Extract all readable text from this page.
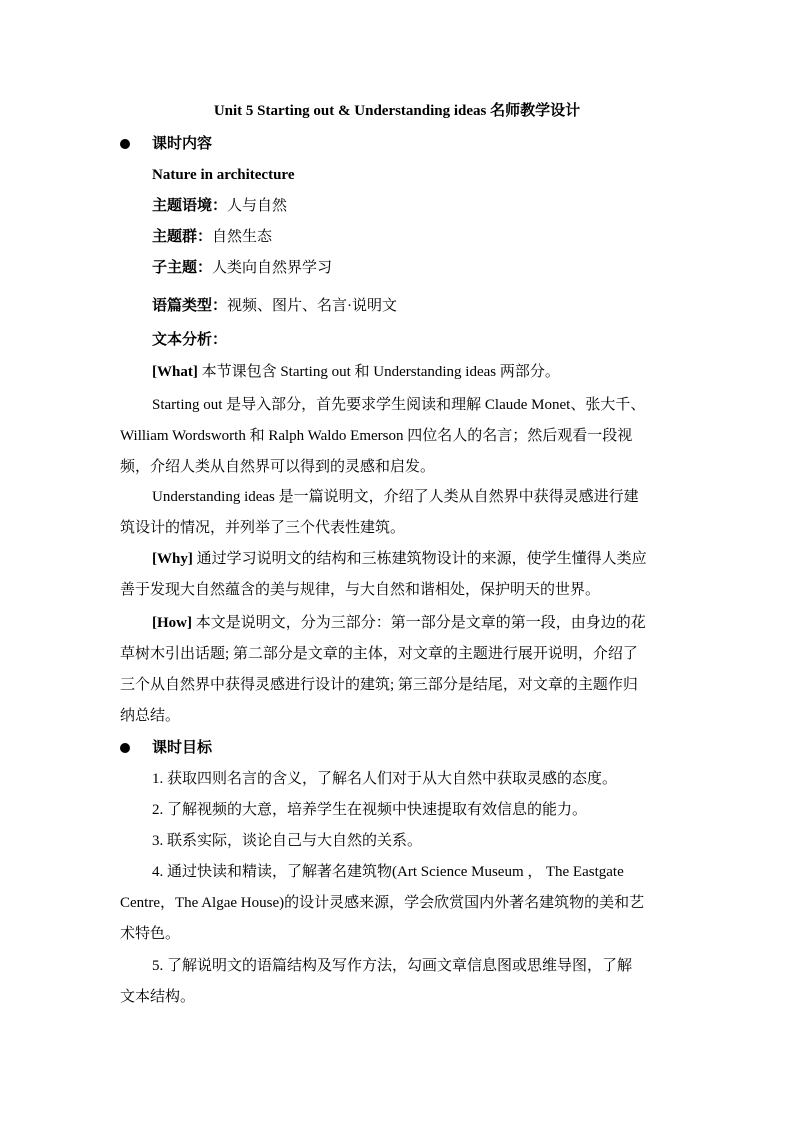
Unit 5 Starting out & Understanding ideas 名师教学设计
课时内容
Nature in architecture
主题语境：人与自然
主题群：自然生态
子主题：人类向自然界学习
语篇类型：视频、图片、名言·说明文
文本分析：
[What] 本节课包含 Starting out 和 Understanding ideas 两部分。
Starting out 是导入部分，首先要求学生阅读和理解 Claude Monet、张大千、
William Wordsworth 和 Ralph Waldo Emerson 四位名人的名言；然后观看一段视
频，介绍人类从自然界可以得到的灵感和启发。
Understanding ideas 是一篇说明文，介绍了人类从自然界中获得灵感进行建
筑设计的情况，并列举了三个代表性建筑。
[Why] 通过学习说明文的结构和三栋建筑物设计的来源，使学生懂得人类应
善于发现大自然蕴含的美与规律，与大自然和谐相处，保护明天的世界。
[How] 本文是说明文，分为三部分：第一部分是文章的第一段，由身边的花
草树木引出话题; 第二部分是文章的主体，对文章的主题进行展开说明，介绍了
三个从自然界中获得灵感进行设计的建筑; 第三部分是结尾，对文章的主题作归
纳总结。
课时目标
1. 获取四则名言的含义，了解名人们对于从大自然中获取灵感的态度。
2. 了解视频的大意，培养学生在视频中快速提取有效信息的能力。
3. 联系实际，谈论自己与大自然的关系。
4. 通过快读和精读，了解著名建筑物(Art Science Museum ， The Eastgate
Centre，The Algae House)的设计灵感来源，学会欣赏国内外著名建筑物的美和艺
术特色。
5. 了解说明文的语篇结构及写作方法，勾画文章信息图或思维导图，了解
文本结构。
